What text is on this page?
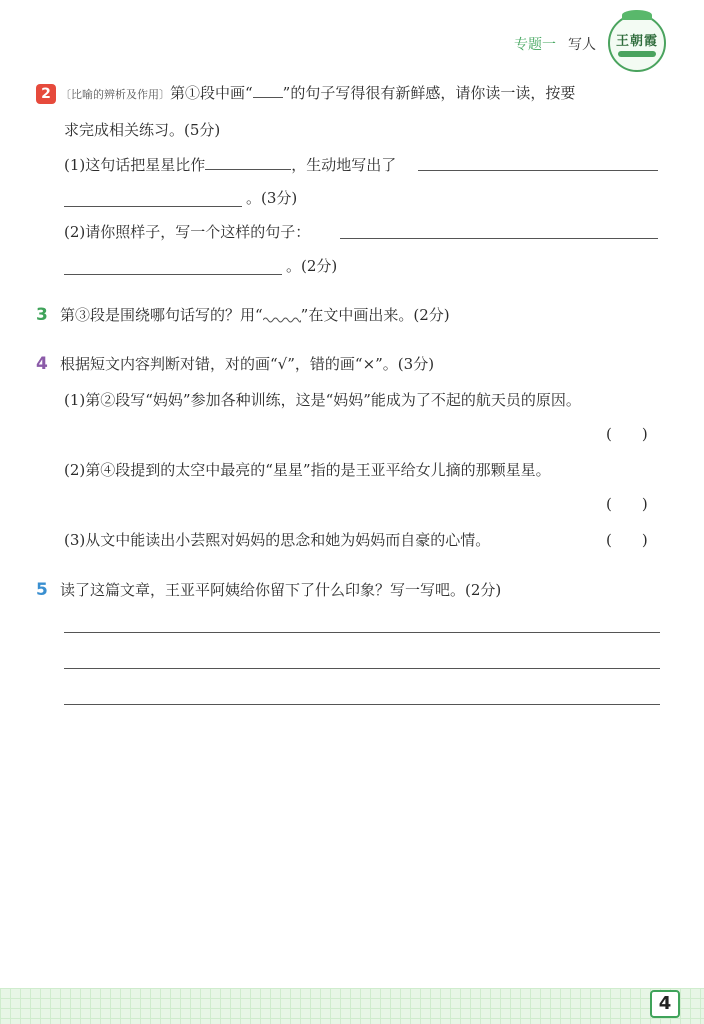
专题一 写人 王朝霞
2 〔比喻的辨析及作用〕第①段中画“ ”的句子写得很有新鲜感，请你读一读，按要
求完成相关练习。(5分)
(1)这句话把星星比作	，生动地写出了
。(3分)
(2)请你照样子，写一个这样的句子：
。(2分)
3 第③段是围绕哪句话写的？用“	”在文中画出来。(2分)
4 根据短文内容判断对错，对的画“√”，错的画“×”。(3分)
(1)第②段写“妈妈”参加各种训练，这是“妈妈”能成为了不起的航天员的原因。
(　　)
(2)第④段提到的太空中最亮的“星星”指的是王亚平给女儿摘的那颗星星。
(　　)
(3)从文中能读出小芸熙对妈妈的思念和她为妈妈而自豪的心情。	(　　)
5 读了这篇文章，王亚平阿姨给你留下了什么印象？写一写吧。(2分)
4
